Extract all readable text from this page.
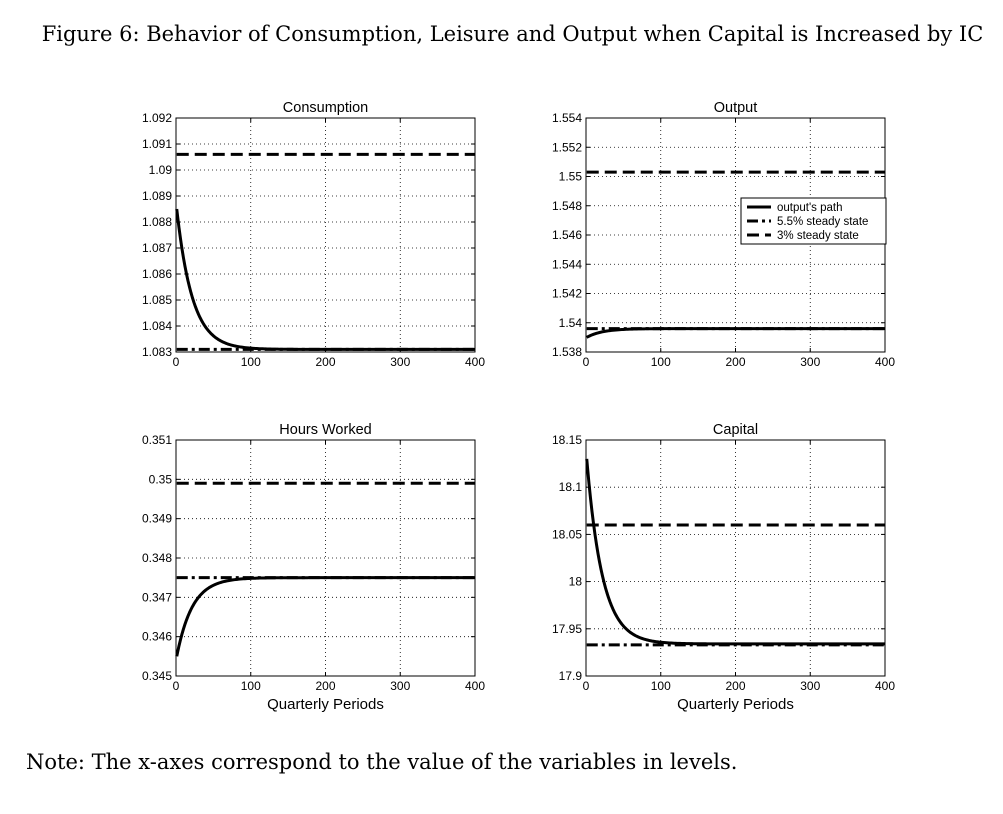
Figure 6: Behavior of Consumption, Leisure and Output when Capital is Increased by IC
0	100	200	300	400
1.083
1.084
1.085
1.086
1.087
1.088
1.089
1.09
1.091
1.092
Consumption
0	100	200	300	400
1.538
1.54
1.542
1.544
1.546
1.548
1.55
1.552
1.554
Output
output's path
5.5% steady state
3% steady state
0	100	200	300	400
0.345
0.346
0.347
0.348
0.349
0.35
0.351
Hours Worked
Quarterly Periods
0	100	200	300	400
17.9
17.95
18
18.05
18.1
18.15
Capital
Quarterly Periods
Note: The x-axes correspond to the value of the variables in levels.
